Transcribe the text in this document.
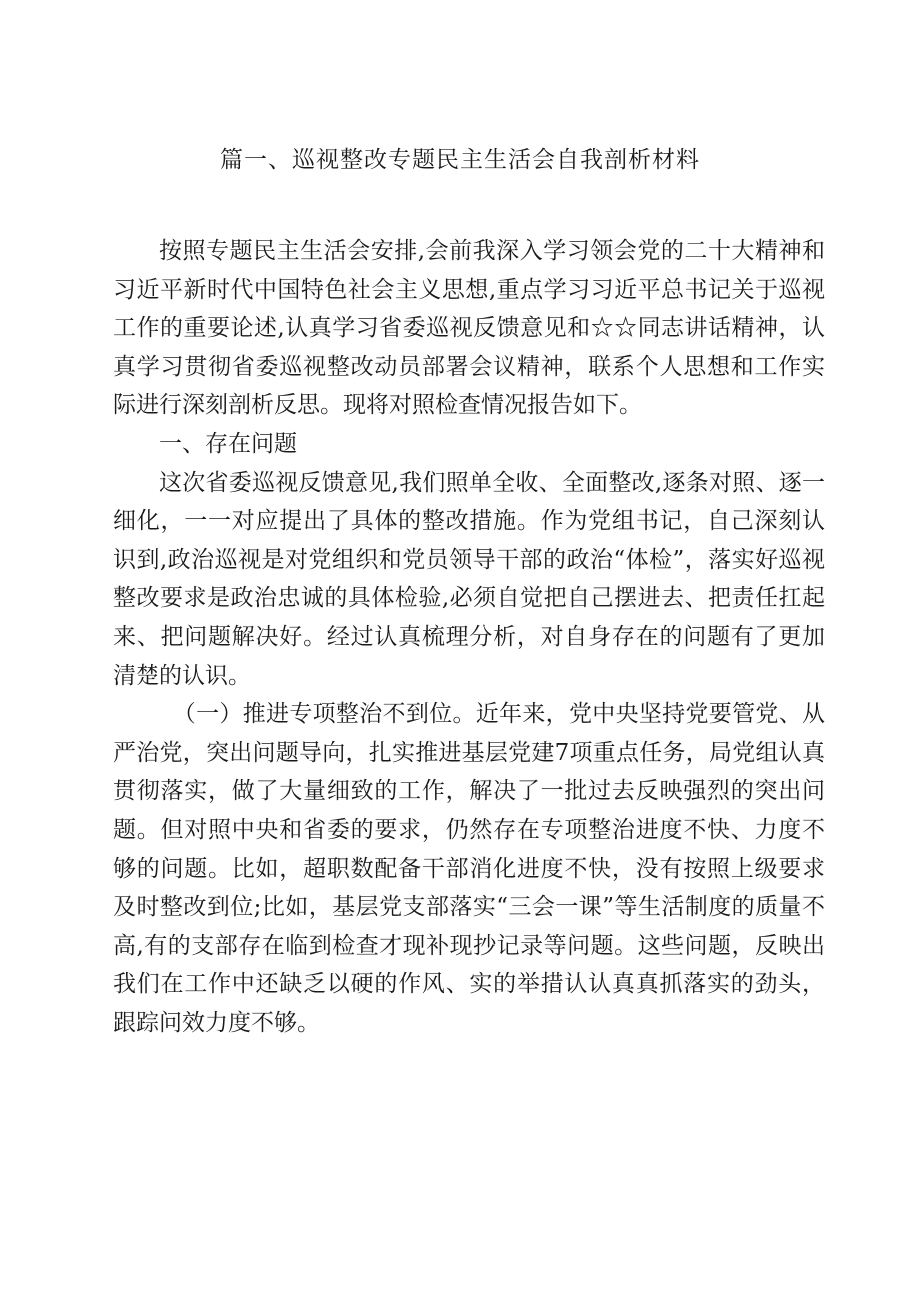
篇一、巡视整改专题民主生活会自我剖析材料

按照专题民主生活会安排,会前我深入学习领会党的二十大精神和习近平新时代中国特色社会主义思想,重点学习习近平总书记关于巡视工作的重要论述,认真学习省委巡视反馈意见和☆☆同志讲话精神，认真学习贯彻省委巡视整改动员部署会议精神，联系个人思想和工作实际进行深刻剖析反思。现将对照检查情况报告如下。

一、存在问题

这次省委巡视反馈意见,我们照单全收、全面整改,逐条对照、逐一细化，一一对应提出了具体的整改措施。作为党组书记，自己深刻认识到,政治巡视是对党组织和党员领导干部的政治“体检”，落实好巡视整改要求是政治忠诚的具体检验,必须自觉把自己摆进去、把责任扛起来、把问题解决好。经过认真梳理分析，对自身存在的问题有了更加清楚的认识。

（一）推进专项整治不到位。近年来，党中央坚持党要管党、从严治党，突出问题导向，扎实推进基层党建7项重点任务，局党组认真贯彻落实，做了大量细致的工作，解决了一批过去反映强烈的突出问题。但对照中央和省委的要求，仍然存在专项整治进度不快、力度不够的问题。比如，超职数配备干部消化进度不快，没有按照上级要求及时整改到位;比如，基层党支部落实“三会一课”等生活制度的质量不高,有的支部存在临到检查才现补现抄记录等问题。这些问题，反映出我们在工作中还缺乏以硬的作风、实的举措认认真真抓落实的劲头，跟踪问效力度不够。
